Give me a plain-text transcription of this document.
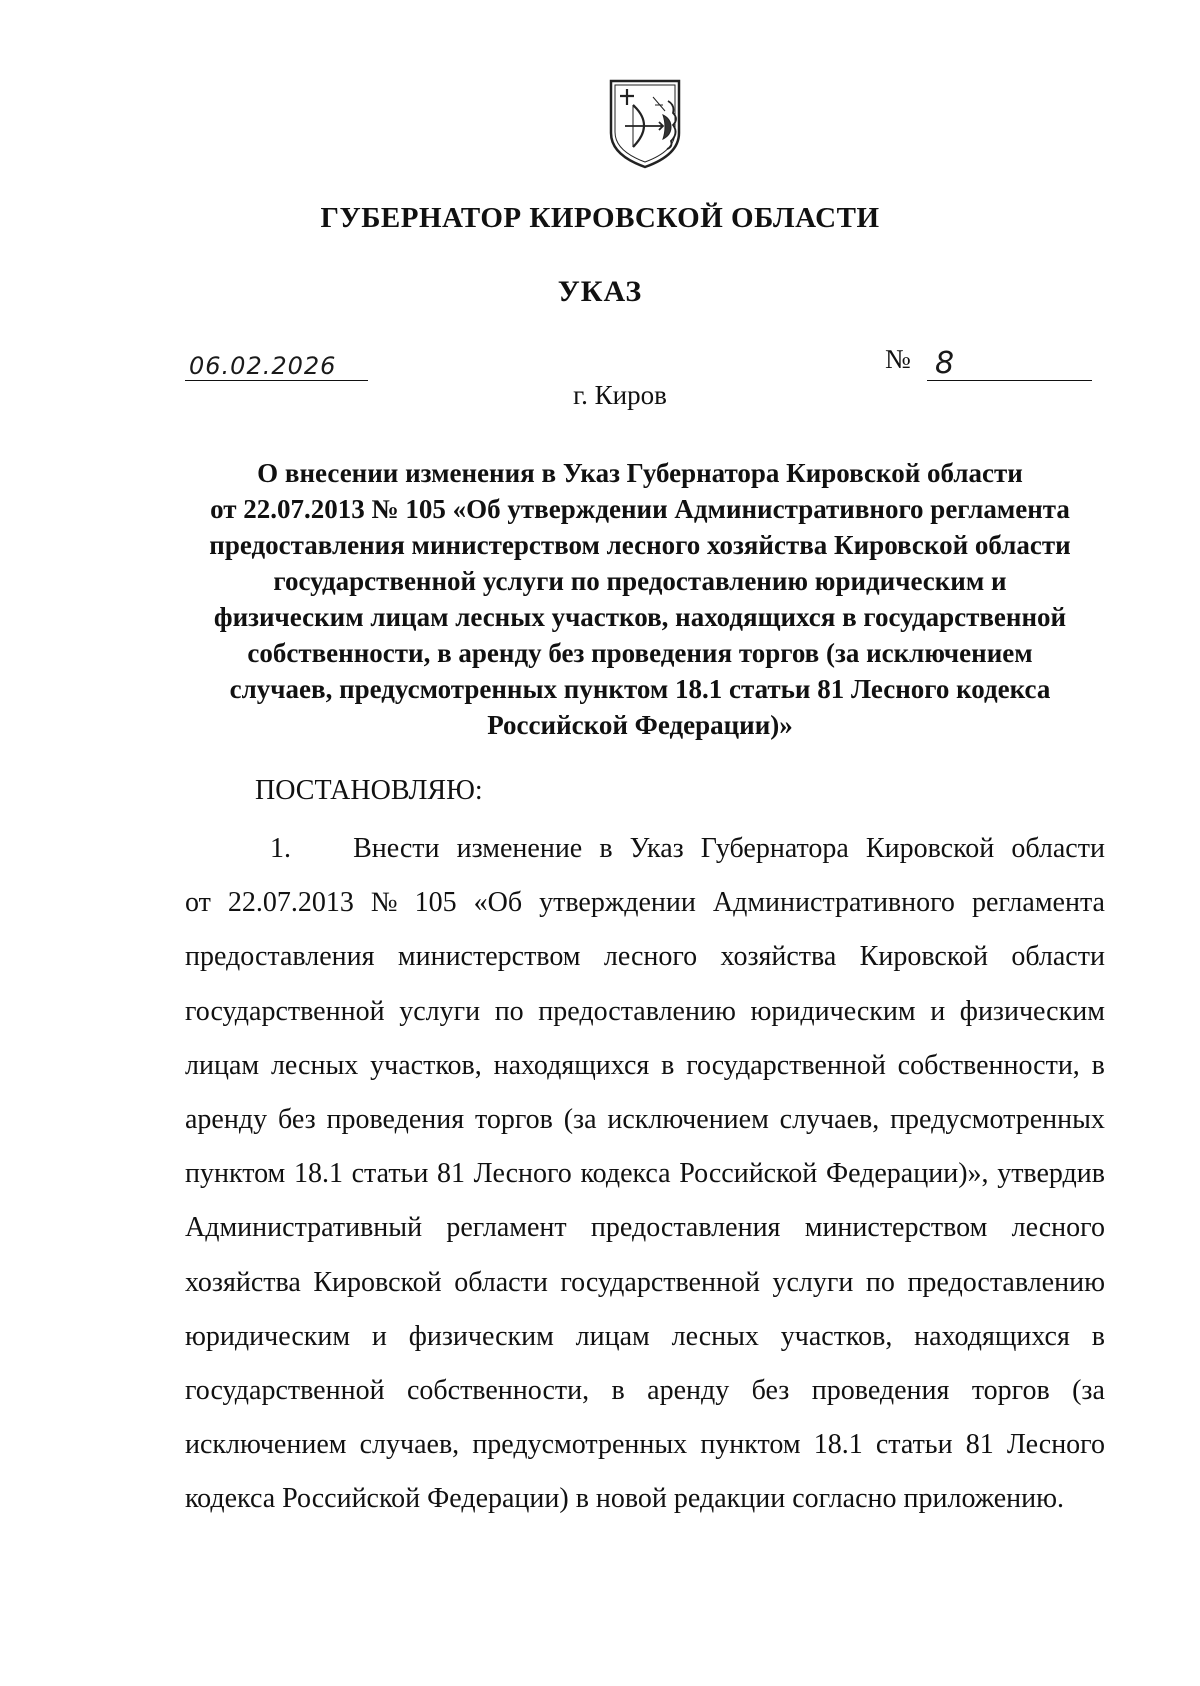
ГУБЕРНАТОР КИРОВСКОЙ ОБЛАСТИ
УКАЗ
06.02.2026	№ 8
г. Киров
О внесении изменения в Указ Губернатора Кировской области
от 22.07.2013 № 105 «Об утверждении Административного регламента
предоставления министерством лесного хозяйства Кировской области
государственной услуги по предоставлению юридическим и
физическим лицам лесных участков, находящихся в государственной
собственности, в аренду без проведения торгов (за исключением
случаев, предусмотренных пунктом 18.1 статьи 81 Лесного кодекса
Российской Федерации)»
ПОСТАНОВЛЯЮ:
1. Внести изменение в Указ Губернатора Кировской области
от 22.07.2013 № 105 «Об утверждении Административного регламента
предоставления министерством лесного хозяйства Кировской области
государственной услуги по предоставлению юридическим и физическим
лицам лесных участков, находящихся в государственной собственности, в
аренду без проведения торгов (за исключением случаев, предусмотренных
пунктом 18.1 статьи 81 Лесного кодекса Российской Федерации)», утвердив
Административный регламент предоставления министерством лесного
хозяйства Кировской области государственной услуги по предоставлению
юридическим и физическим лицам лесных участков, находящихся в
государственной собственности, в аренду без проведения торгов (за
исключением случаев, предусмотренных пунктом 18.1 статьи 81 Лесного
кодекса Российской Федерации) в новой редакции согласно приложению.
